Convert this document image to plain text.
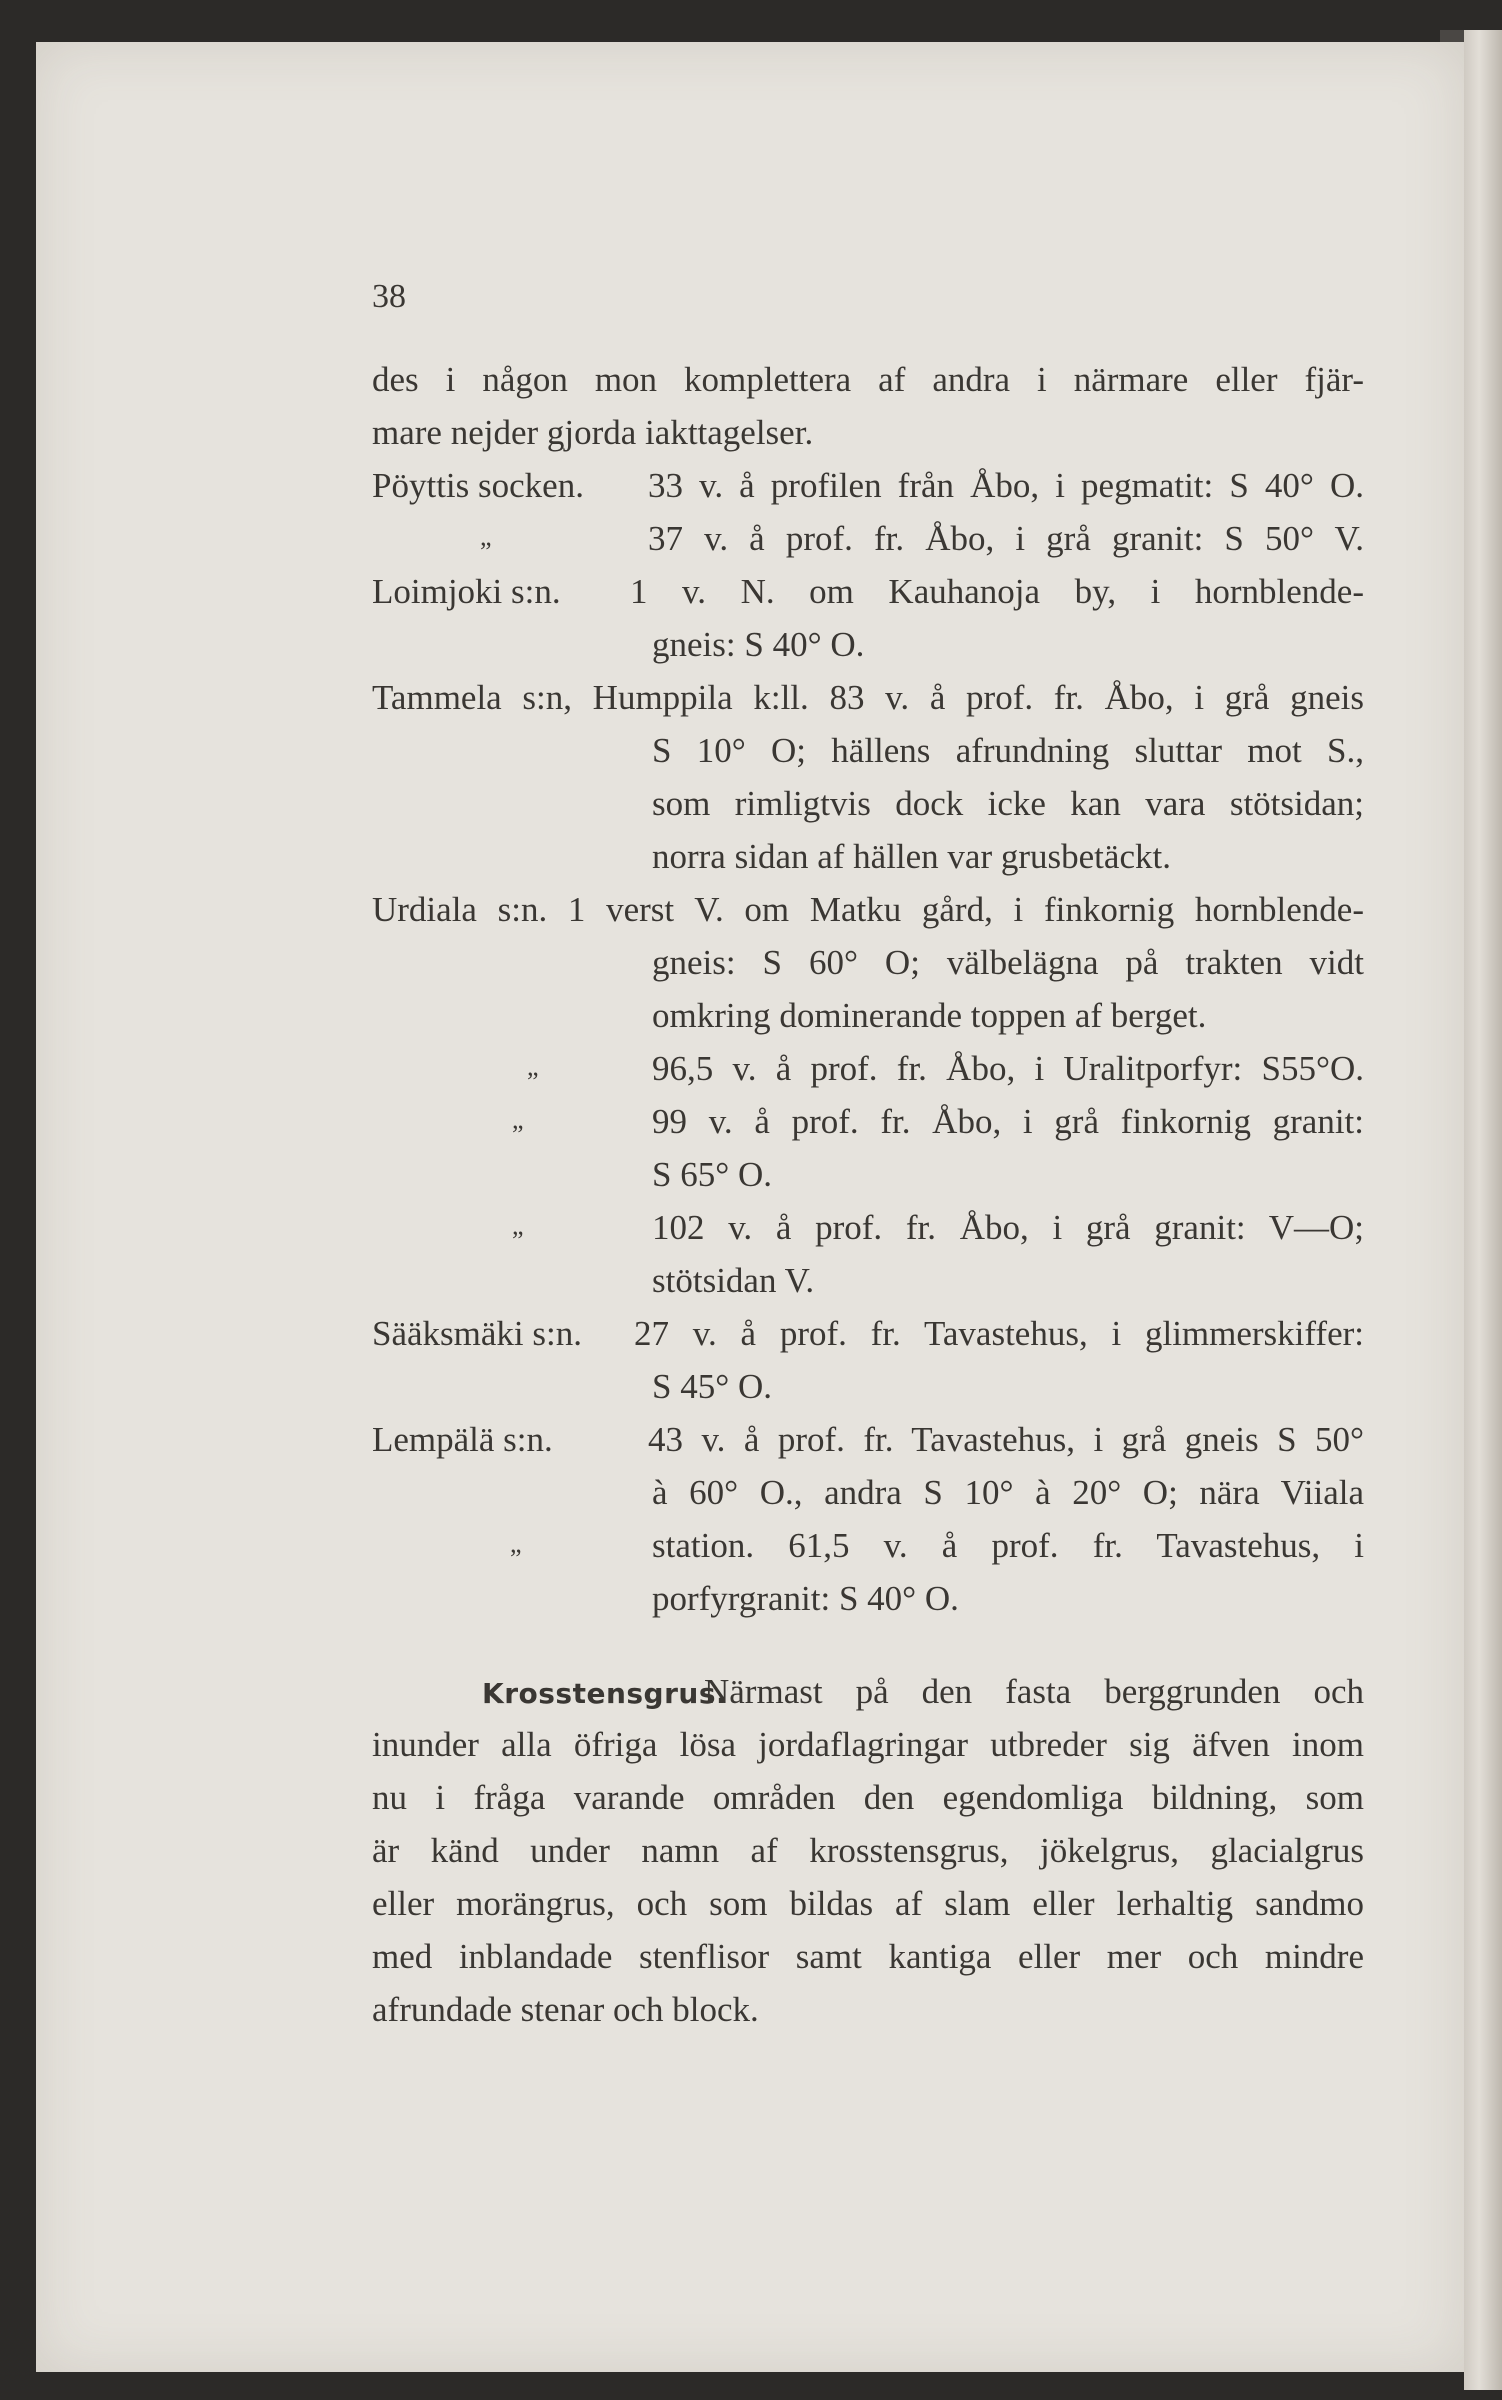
38
des i någon mon komplettera af andra i närmare eller fjär-
mare nejder gjorda iakttagelser.
Pöyttis socken. 33 v. å profilen från Åbo, i pegmatit: S 40° O.
„	37 v. å prof. fr. Åbo, i grå granit: S 50° V.
Loimjoki s:n. 1 v. N. om Kauhanoja by, i hornblende-
gneis: S 40° O.
Tammela s:n, Humppila k:ll. 83 v. å prof. fr. Åbo, i grå gneis
S 10° O; hällens afrundning sluttar mot S.,
som rimligtvis dock icke kan vara stötsidan;
norra sidan af hällen var grusbetäckt.
Urdiala s:n. 1 verst V. om Matku gård, i finkornig hornblende-
gneis: S 60° O; välbelägna på trakten vidt
omkring dominerande toppen af berget.
„	96,5 v. å prof. fr. Åbo, i Uralitporfyr: S55°O.
„	99 v. å prof. fr. Åbo, i grå finkornig granit:
S 65° O.
„	102 v. å prof. fr. Åbo, i grå granit: V—O;
stötsidan V.
Sääksmäki s:n. 27 v. å prof. fr. Tavastehus, i glimmerskiffer:
S 45° O.
Lempälä s:n.	43 v. å prof. fr. Tavastehus, i grå gneis S 50°
à 60° O., andra S 10° à 20° O; nära Viiala
„	station. 61,5 v. å prof. fr. Tavastehus, i
porfyrgranit: S 40° O.
Krosstensgrus.
Närmast på den fasta berggrunden och
inunder alla öfriga lösa jordaflagringar utbreder sig äfven inom
nu i fråga varande områden den egendomliga bildning, som
är känd under namn af krosstensgrus, jökelgrus, glacialgrus
eller morängrus, och som bildas af slam eller lerhaltig sandmo
med inblandade stenflisor samt kantiga eller mer och mindre
afrundade stenar och block.
